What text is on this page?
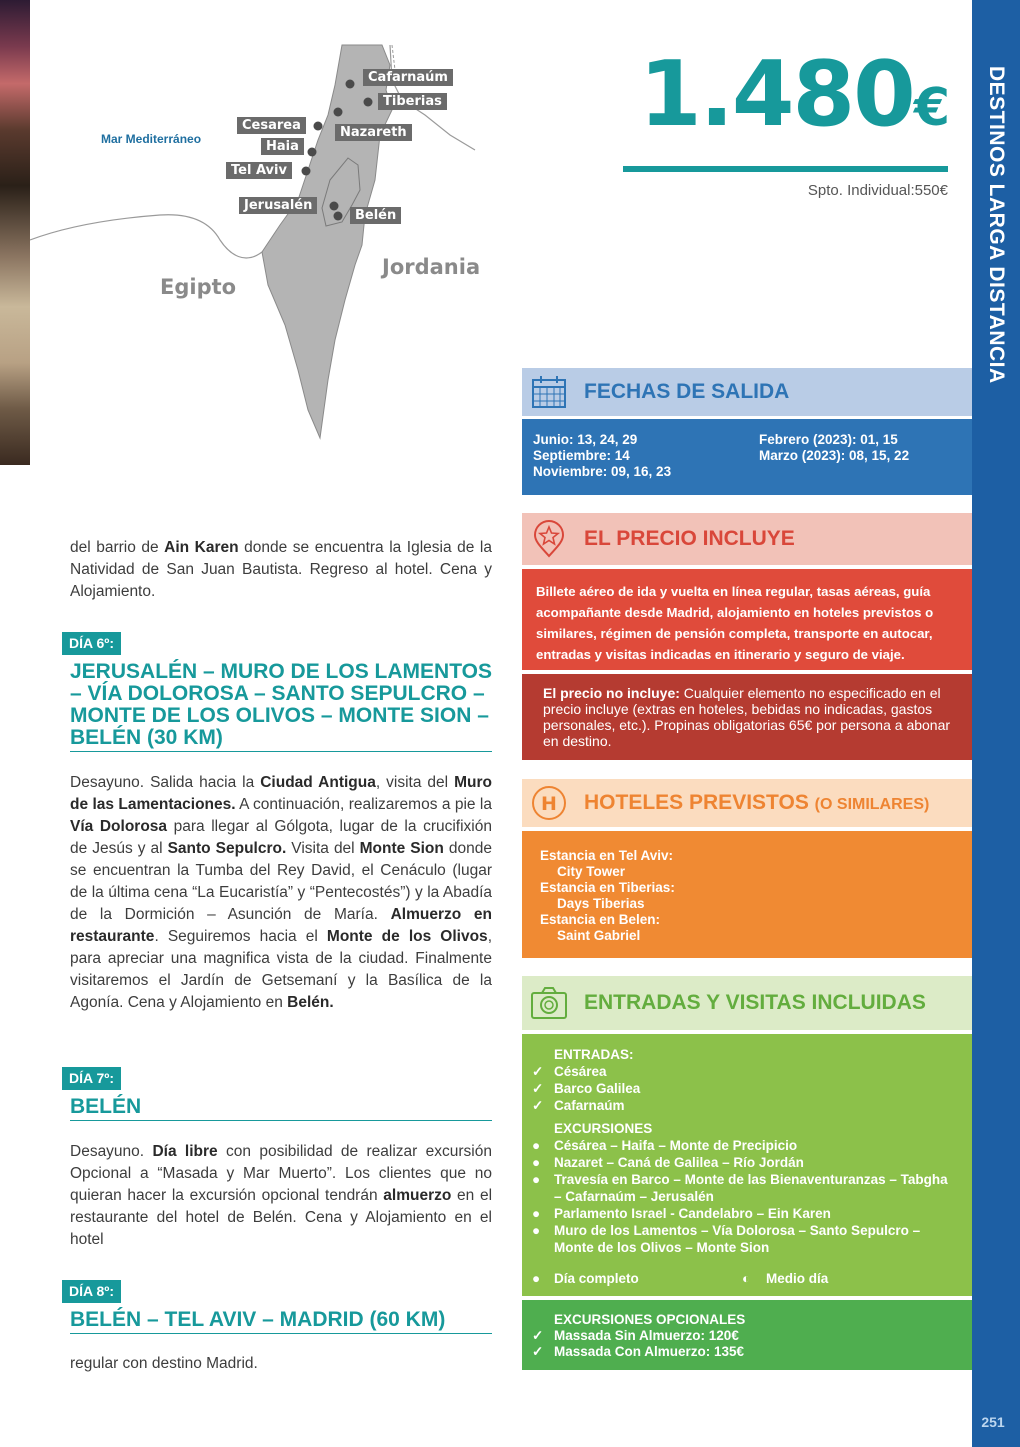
Mar Mediterráneo
Egipto
Jordania
Cafarnaúm
Tiberias
Cesarea	Nazareth
Haia
Tel Aviv
Jerusalén
Belén
1.480€
Spto. Individual:550€ DESTINOS LARGA DISTANCIA
251
FECHAS DE SALIDA
Junio: 13, 24, 29
Septiembre: 14
Noviembre: 09, 16, 23
Febrero (2023): 01, 15
Marzo (2023): 08, 15, 22
EL PRECIO INCLUYE
Billete aéreo de ida y vuelta en línea regular, tasas aéreas, guía acompañante desde Madrid, alojamiento en hoteles previstos o similares, régimen de pensión completa, transporte en autocar, entradas y visitas indicadas en itinerario y seguro de viaje.
El precio no incluye: Cualquier elemento no especificado en el precio incluye (extras en hoteles, bebidas no indicadas, gastos personales, etc.). Propinas obligatorias 65€ por persona a abonar en destino.
H HOTELES PREVISTOS (O SIMILARES)
Estancia en Tel Aviv:
City Tower
Estancia en Tiberias:
Days Tiberias
Estancia en Belen:
Saint Gabriel
ENTRADAS Y VISITAS INCLUIDAS
ENTRADAS:
✓ Césárea
✓ Barco Galilea
✓ Cafarnaúm
EXCURSIONES
● Césárea – Haifa – Monte de Precipicio
● Nazaret – Caná de Galilea – Río Jordán
● Travesía en Barco – Monte de las Bienaventuranzas – Tabgha – Cafarnaúm – Jerusalén
● Parlamento Israel - Candelabro – Ein Karen
● Muro de los Lamentos – Vía Dolorosa – Santo Sepulcro – Monte de los Olivos – Monte Sion
● Día completo	◐ Medio día
EXCURSIONES OPCIONALES
✓ Massada Sin Almuerzo: 120€
✓ Massada Con Almuerzo: 135€
del barrio de Ain Karen donde se encuentra la Iglesia de la Natividad de San Juan Bautista. Regreso al hotel. Cena y Alojamiento.
DÍA 6º:
JERUSALÉN – MURO DE LOS LAMENTOS – VÍA DOLOROSA – SANTO SEPULCRO – MONTE DE LOS OLIVOS – MONTE SION – BELÉN (30 KM)
Desayuno. Salida hacia la Ciudad Antigua, visita del Muro de las Lamentaciones. A continuación, realizaremos a pie la Vía Dolorosa para llegar al Gólgota, lugar de la crucifixión de Jesús y al Santo Sepulcro. Visita del Monte Sion donde se encuentran la Tumba del Rey David, el Cenáculo (lugar de la última cena “La Eucaristía” y “Pentecostés”) y la Abadía de la Dormición – Asunción de María. Almuerzo en restaurante. Seguiremos hacia el Monte de los Olivos, para apreciar una magnifica vista de la ciudad. Finalmente visitaremos el Jardín de Getsemaní y la Basílica de la Agonía. Cena y Alojamiento en Belén.
DÍA 7º:
BELÉN
Desayuno. Día libre con posibilidad de realizar excursión Opcional a “Masada y Mar Muerto”. Los clientes que no quieran hacer la excursión opcional tendrán almuerzo en el restaurante del hotel de Belén. Cena y Alojamiento en el hotel
DÍA 8º:
BELÉN – TEL AVIV – MADRID (60 KM)
regular con destino Madrid.
